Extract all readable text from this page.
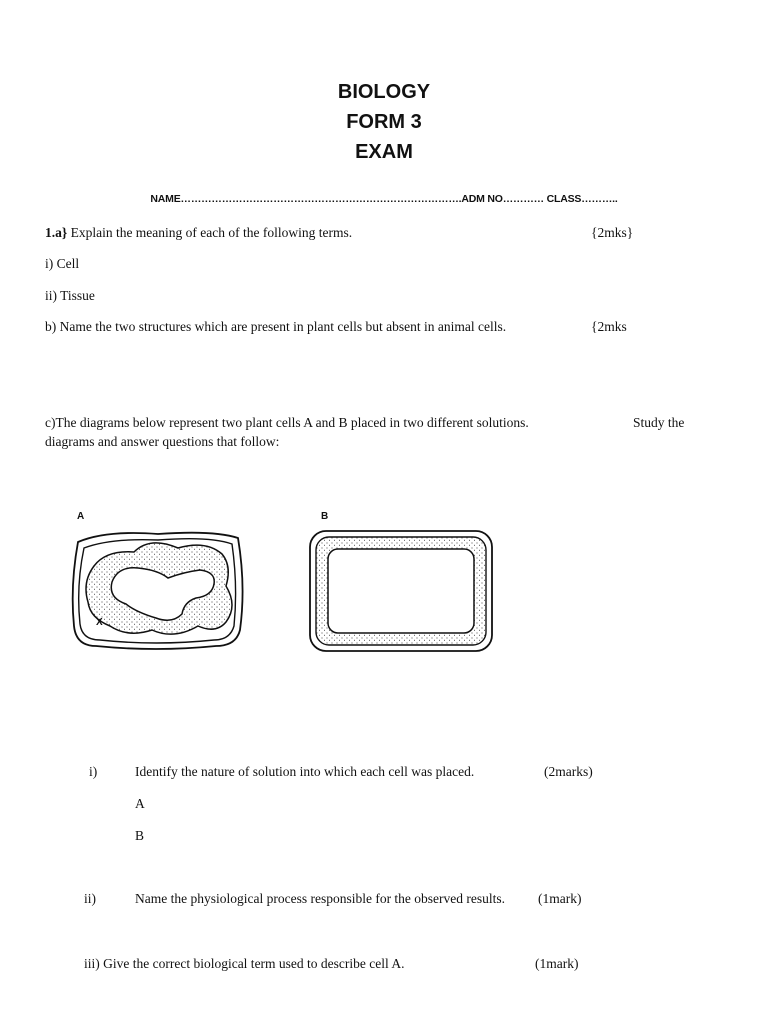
BIOLOGY
FORM 3
EXAM
NAME……………………………………………………………………….ADM NO………… CLASS………..
1.a} Explain the meaning of each of the following terms.	{2mks}
i) Cell
ii) Tissue
b) Name the two structures which are present in plant cells but absent in animal cells.	{2mks
c)The diagrams below represent two plant cells A and B placed in two different solutions.	Study the
diagrams and answer questions that follow:
A	B
X
i)	Identify the nature of solution into which each cell was placed.	(2marks)
A
B
ii)	Name the physiological process responsible for the observed results. (1mark)
iii) Give the correct biological term used to describe cell A.	(1mark)
